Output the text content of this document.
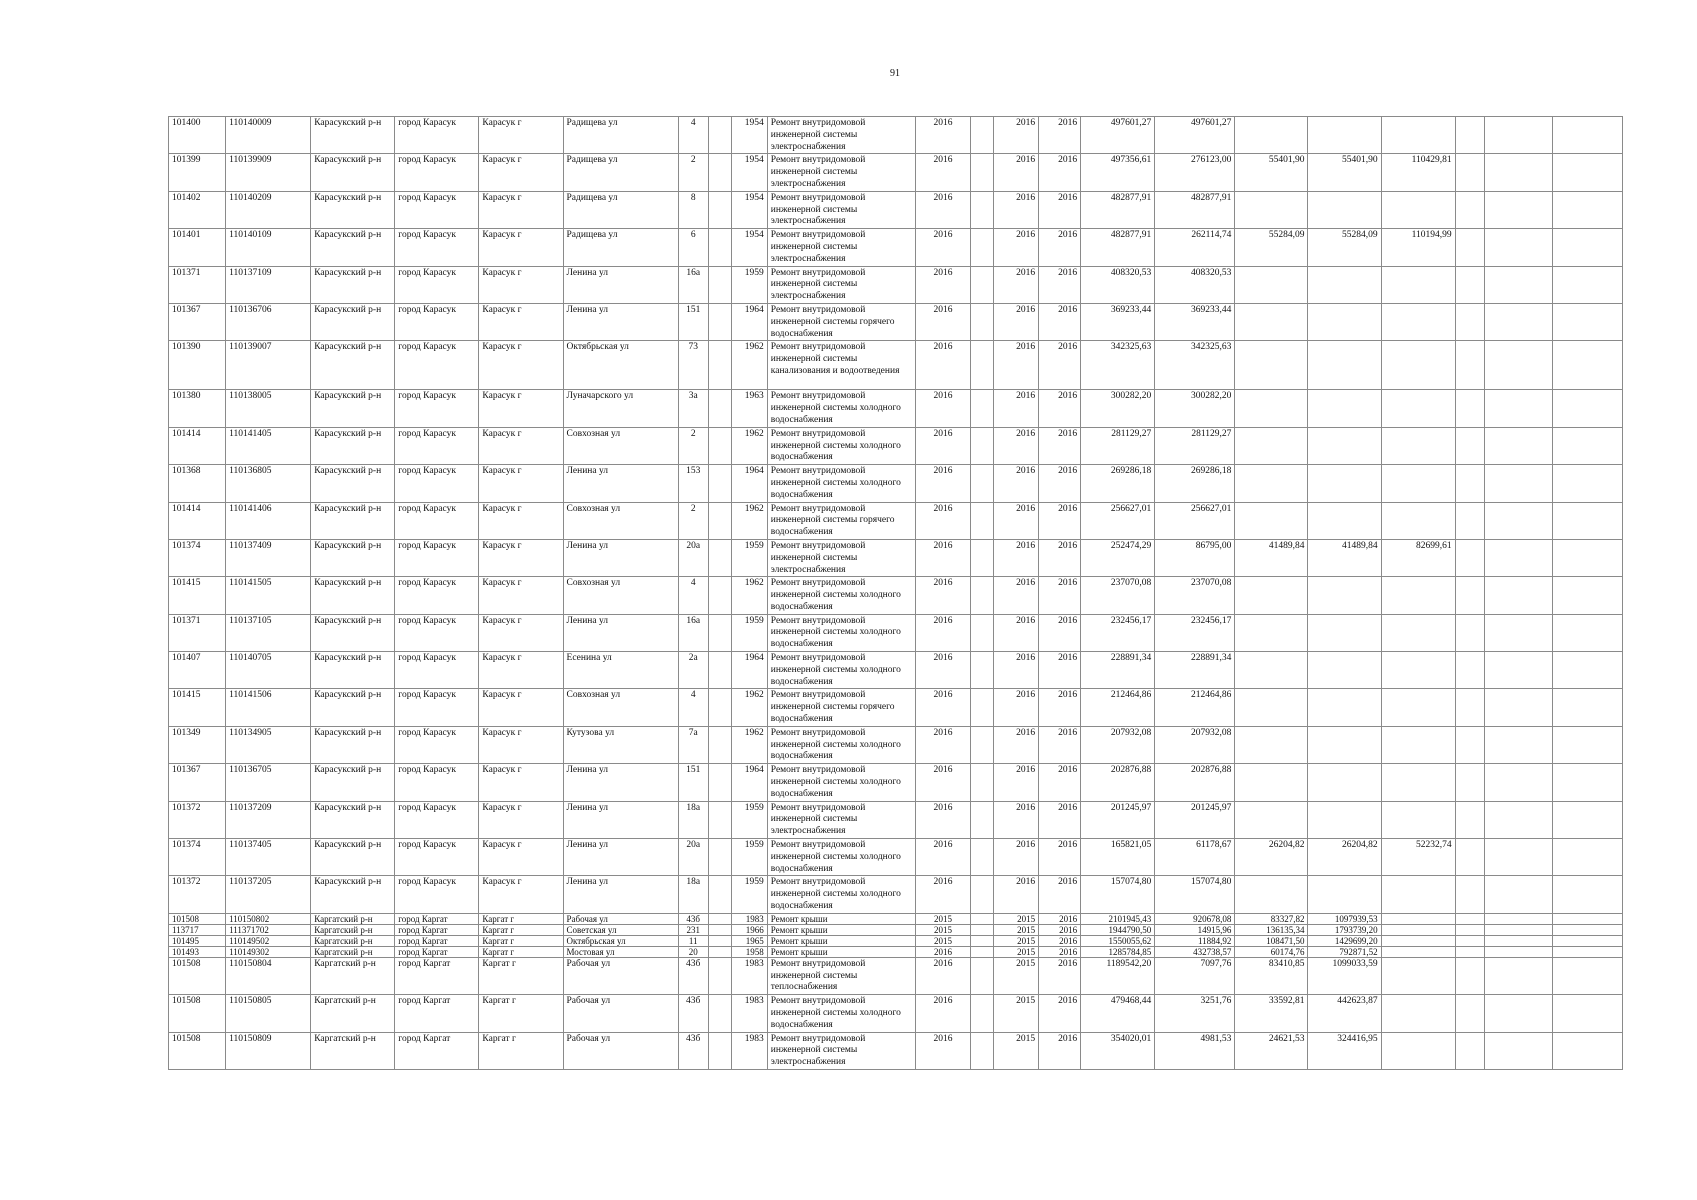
91
101400	110140009	Карасукский р-н	город Карасук	Карасук г	Радищева ул	4		1954	Ремонт внутридомовой инженерной системы электроснабжения	2016		2016	2016	497601,27	497601,27						
101399	110139909	Карасукский р-н	город Карасук	Карасук г	Радищева ул	2		1954	Ремонт внутридомовой инженерной системы электроснабжения	2016		2016	2016	497356,61	276123,00	55401,90	55401,90	110429,81			
101402	110140209	Карасукский р-н	город Карасук	Карасук г	Радищева ул	8		1954	Ремонт внутридомовой инженерной системы электроснабжения	2016		2016	2016	482877,91	482877,91						
101401	110140109	Карасукский р-н	город Карасук	Карасук г	Радищева ул	6		1954	Ремонт внутридомовой инженерной системы электроснабжения	2016		2016	2016	482877,91	262114,74	55284,09	55284,09	110194,99			
101371	110137109	Карасукский р-н	город Карасук	Карасук г	Ленина ул	16а		1959	Ремонт внутридомовой инженерной системы электроснабжения	2016		2016	2016	408320,53	408320,53						
101367	110136706	Карасукский р-н	город Карасук	Карасук г	Ленина ул	151		1964	Ремонт внутридомовой инженерной системы горячего водоснабжения	2016		2016	2016	369233,44	369233,44						
101390	110139007	Карасукский р-н	город Карасук	Карасук г	Октябрьская ул	73		1962	Ремонт внутридомовой инженерной системы канализования и водоотведения	2016		2016	2016	342325,63	342325,63						
101380	110138005	Карасукский р-н	город Карасук	Карасук г	Луначарского ул	3а		1963	Ремонт внутридомовой инженерной системы холодного водоснабжения	2016		2016	2016	300282,20	300282,20						
101414	110141405	Карасукский р-н	город Карасук	Карасук г	Совхозная ул	2		1962	Ремонт внутридомовой инженерной системы холодного водоснабжения	2016		2016	2016	281129,27	281129,27						
101368	110136805	Карасукский р-н	город Карасук	Карасук г	Ленина ул	153		1964	Ремонт внутридомовой инженерной системы холодного водоснабжения	2016		2016	2016	269286,18	269286,18						
101414	110141406	Карасукский р-н	город Карасук	Карасук г	Совхозная ул	2		1962	Ремонт внутридомовой инженерной системы горячего водоснабжения	2016		2016	2016	256627,01	256627,01						
101374	110137409	Карасукский р-н	город Карасук	Карасук г	Ленина ул	20а		1959	Ремонт внутридомовой инженерной системы электроснабжения	2016		2016	2016	252474,29	86795,00	41489,84	41489,84	82699,61			
101415	110141505	Карасукский р-н	город Карасук	Карасук г	Совхозная ул	4		1962	Ремонт внутридомовой инженерной системы холодного водоснабжения	2016		2016	2016	237070,08	237070,08						
101371	110137105	Карасукский р-н	город Карасук	Карасук г	Ленина ул	16а		1959	Ремонт внутридомовой инженерной системы холодного водоснабжения	2016		2016	2016	232456,17	232456,17						
101407	110140705	Карасукский р-н	город Карасук	Карасук г	Есенина ул	2а		1964	Ремонт внутридомовой инженерной системы холодного водоснабжения	2016		2016	2016	228891,34	228891,34						
101415	110141506	Карасукский р-н	город Карасук	Карасук г	Совхозная ул	4		1962	Ремонт внутридомовой инженерной системы горячего водоснабжения	2016		2016	2016	212464,86	212464,86						
101349	110134905	Карасукский р-н	город Карасук	Карасук г	Кутузова ул	7а		1962	Ремонт внутридомовой инженерной системы холодного водоснабжения	2016		2016	2016	207932,08	207932,08						
101367	110136705	Карасукский р-н	город Карасук	Карасук г	Ленина ул	151		1964	Ремонт внутридомовой инженерной системы холодного водоснабжения	2016		2016	2016	202876,88	202876,88						
101372	110137209	Карасукский р-н	город Карасук	Карасук г	Ленина ул	18а		1959	Ремонт внутридомовой инженерной системы электроснабжения	2016		2016	2016	201245,97	201245,97						
101374	110137405	Карасукский р-н	город Карасук	Карасук г	Ленина ул	20а		1959	Ремонт внутридомовой инженерной системы холодного водоснабжения	2016		2016	2016	165821,05	61178,67	26204,82	26204,82	52232,74			
101372	110137205	Карасукский р-н	город Карасук	Карасук г	Ленина ул	18а		1959	Ремонт внутридомовой инженерной системы холодного водоснабжения	2016		2016	2016	157074,80	157074,80						
101508	110150802	Каргатский р-н	город Каргат	Каргат г	Рабочая ул	43б		1983	Ремонт крыши	2015		2015	2016	2101945,43	920678,08	83327,82	1097939,53				
113717	111371702	Каргатский р-н	город Каргат	Каргат г	Советская ул	231		1966	Ремонт крыши	2015		2015	2016	1944790,50	14915,96	136135,34	1793739,20				
101495	110149502	Каргатский р-н	город Каргат	Каргат г	Октябрьская ул	11		1965	Ремонт крыши	2015		2015	2016	1550055,62	11884,92	108471,50	1429699,20				
101493	110149302	Каргатский р-н	город Каргат	Каргат г	Мостовая ул	20		1958	Ремонт крыши	2016		2015	2016	1285784,85	432738,57	60174,76	792871,52				
101508	110150804	Каргатский р-н	город Каргат	Каргат г	Рабочая ул	43б		1983	Ремонт внутридомовой инженерной системы теплоснабжения	2016		2015	2016	1189542,20	7097,76	83410,85	1099033,59				
101508	110150805	Каргатский р-н	город Каргат	Каргат г	Рабочая ул	43б		1983	Ремонт внутридомовой инженерной системы холодного водоснабжения	2016		2015	2016	479468,44	3251,76	33592,81	442623,87				
101508	110150809	Каргатский р-н	город Каргат	Каргат г	Рабочая ул	43б		1983	Ремонт внутридомовой инженерной системы электроснабжения	2016		2015	2016	354020,01	4981,53	24621,53	324416,95				
